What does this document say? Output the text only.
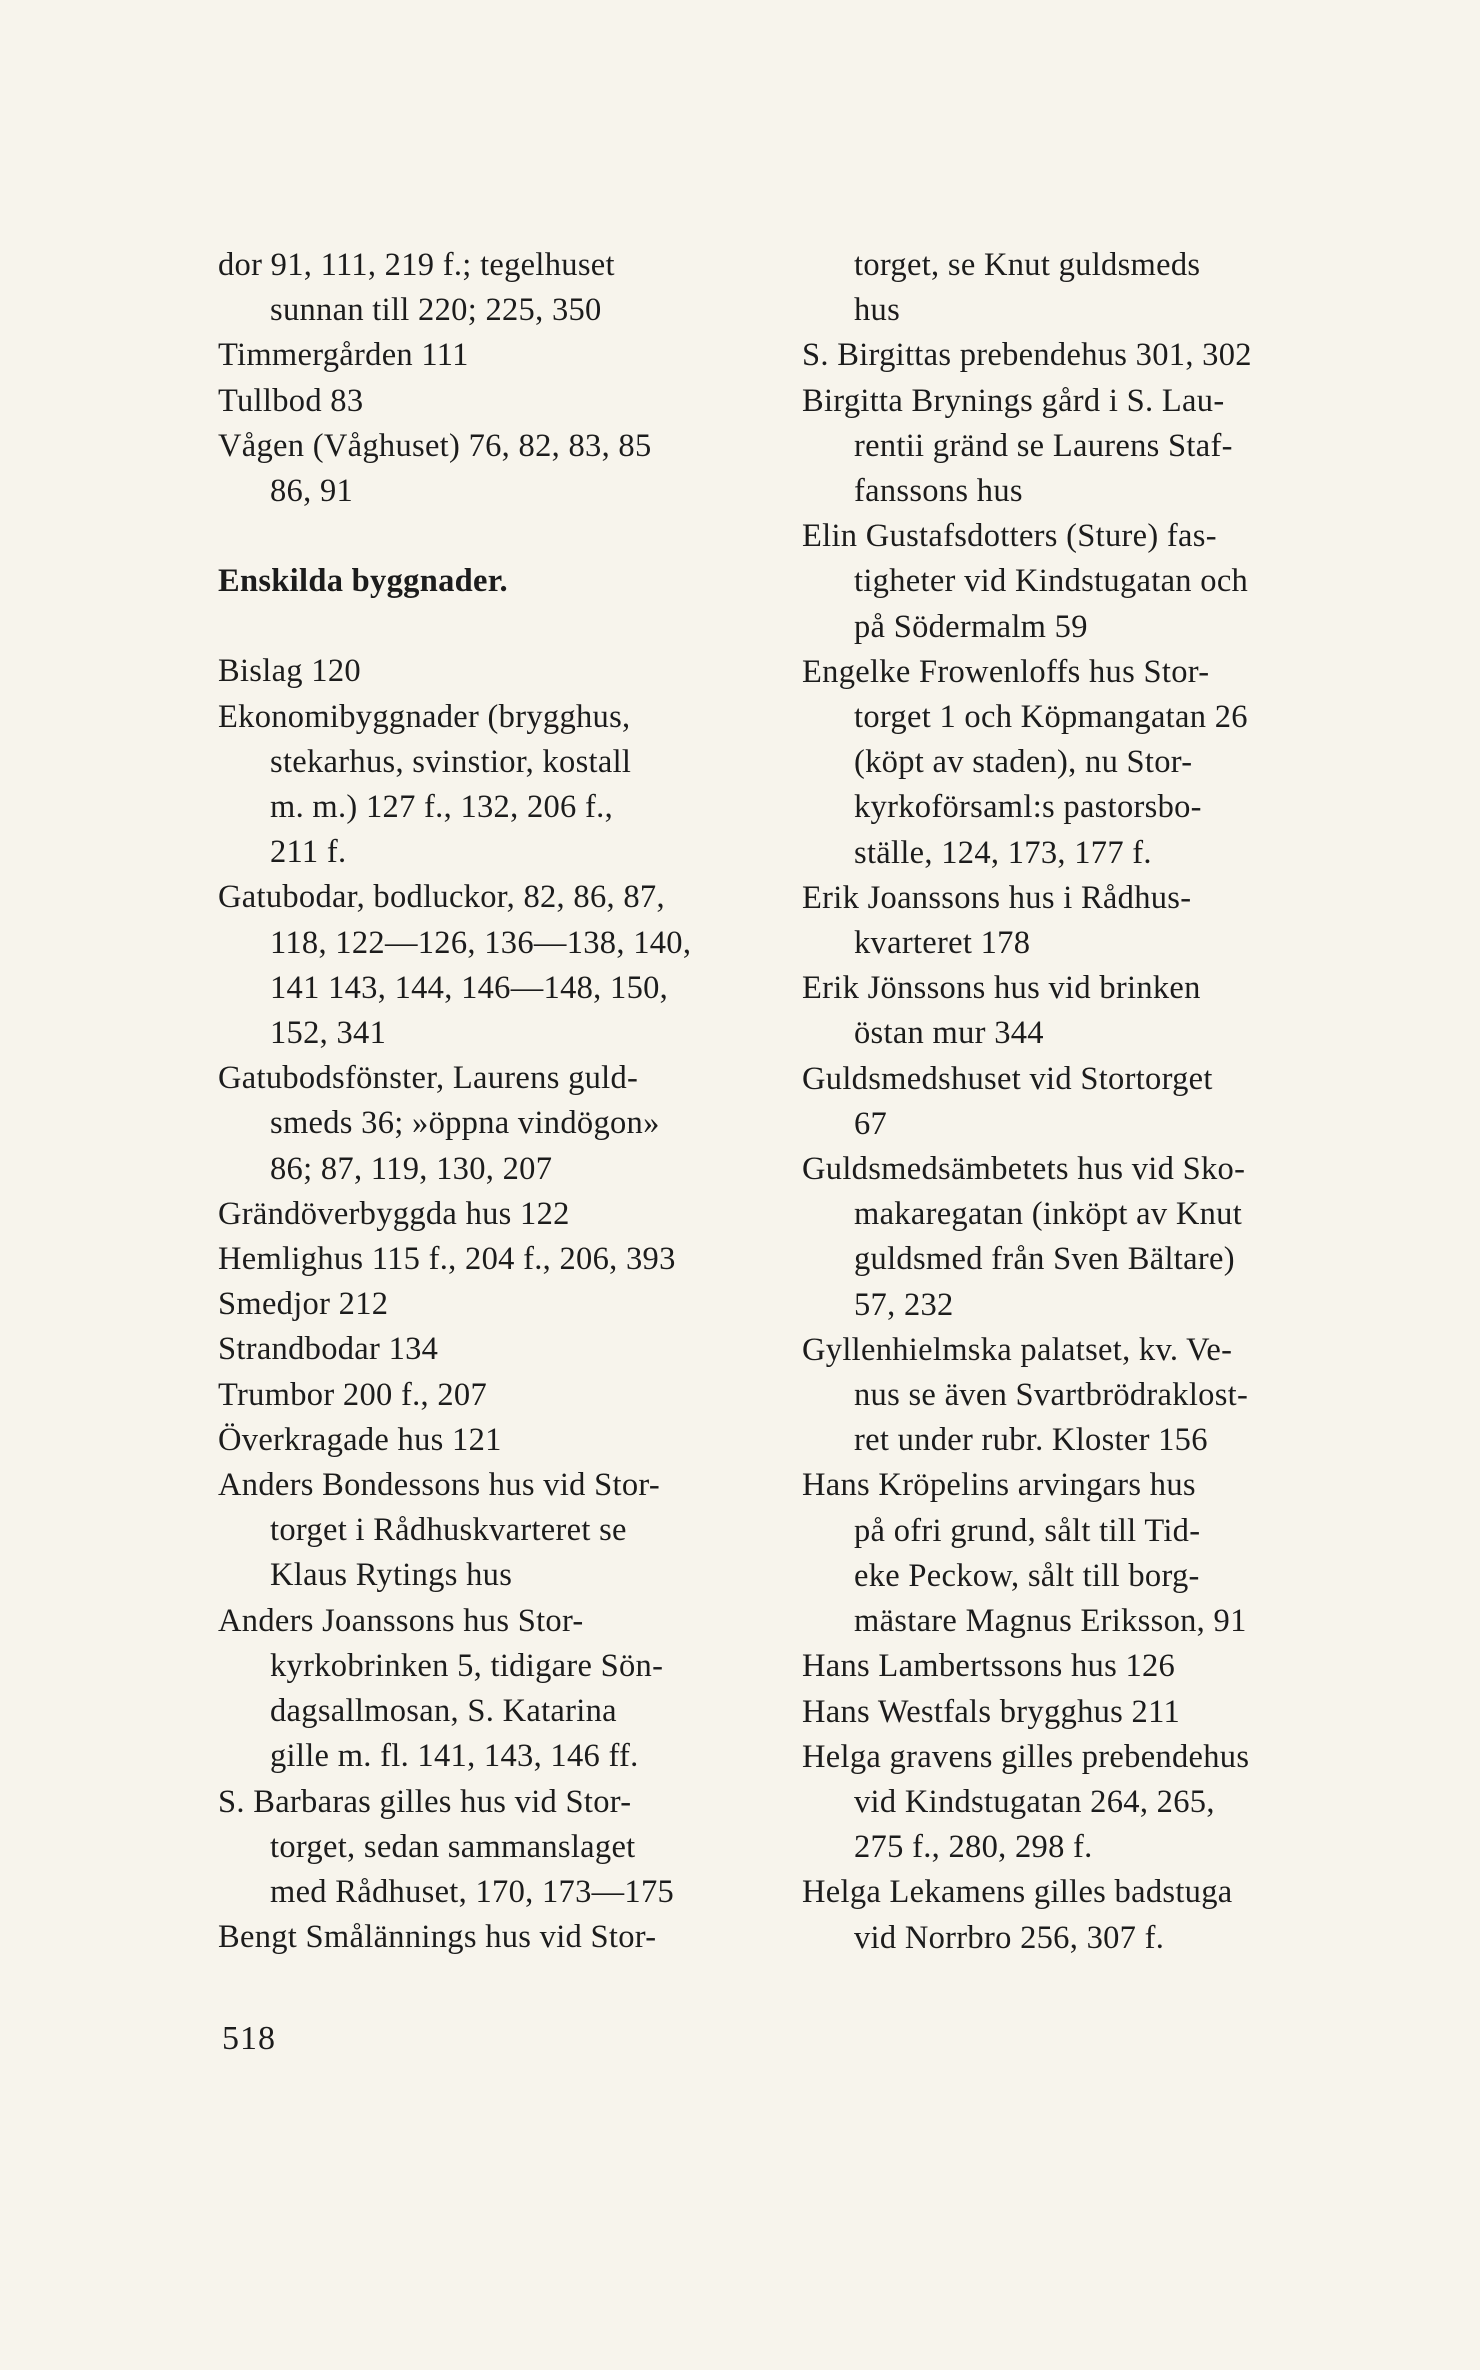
dor 91, 111, 219 f.; tegelhuset
sunnan till 220; 225, 350
Timmergården 111
Tullbod 83
Vågen (Våghuset) 76, 82, 83, 85
86, 91
Enskilda byggnader.
Bislag 120
Ekonomibyggnader (brygghus,
stekarhus, svinstior, kostall
m. m.) 127 f., 132, 206 f.,
211 f.
Gatubodar, bodluckor, 82, 86, 87,
118, 122—126, 136—138, 140,
141 143, 144, 146—148, 150,
152, 341
Gatubodsfönster, Laurens guld-
smeds 36; »öppna vindögon»
86; 87, 119, 130, 207
Grändöverbyggda hus 122
Hemlighus 115 f., 204 f., 206, 393
Smedjor 212
Strandbodar 134
Trumbor 200 f., 207
Överkragade hus 121
Anders Bondessons hus vid Stor-
torget i Rådhuskvarteret se
Klaus Rytings hus
Anders Joanssons hus Stor-
kyrkobrinken 5, tidigare Sön-
dagsallmosan, S. Katarina
gille m. fl. 141, 143, 146 ff.
S. Barbaras gilles hus vid Stor-
torget, sedan sammanslaget
med Rådhuset, 170, 173—175
Bengt Smålännings hus vid Stor-
torget, se Knut guldsmeds
hus
S. Birgittas prebendehus 301, 302
Birgitta Brynings gård i S. Lau-
rentii gränd se Laurens Staf-
fanssons hus
Elin Gustafsdotters (Sture) fas-
tigheter vid Kindstugatan och
på Södermalm 59
Engelke Frowenloffs hus Stor-
torget 1 och Köpmangatan 26
(köpt av staden), nu Stor-
kyrkoförsaml:s pastorsbo-
ställe, 124, 173, 177 f.
Erik Joanssons hus i Rådhus-
kvarteret 178
Erik Jönssons hus vid brinken
östan mur 344
Guldsmedshuset vid Stortorget
67
Guldsmedsämbetets hus vid Sko-
makaregatan (inköpt av Knut
guldsmed från Sven Bältare)
57, 232
Gyllenhielmska palatset, kv. Ve-
nus se även Svartbrödraklost-
ret under rubr. Kloster 156
Hans Kröpelins arvingars hus
på ofri grund, sålt till Tid-
eke Peckow, sålt till borg-
mästare Magnus Eriksson, 91
Hans Lambertssons hus 126
Hans Westfals brygghus 211
Helga gravens gilles prebendehus
vid Kindstugatan 264, 265,
275 f., 280, 298 f.
Helga Lekamens gilles badstuga
vid Norrbro 256, 307 f.
518
